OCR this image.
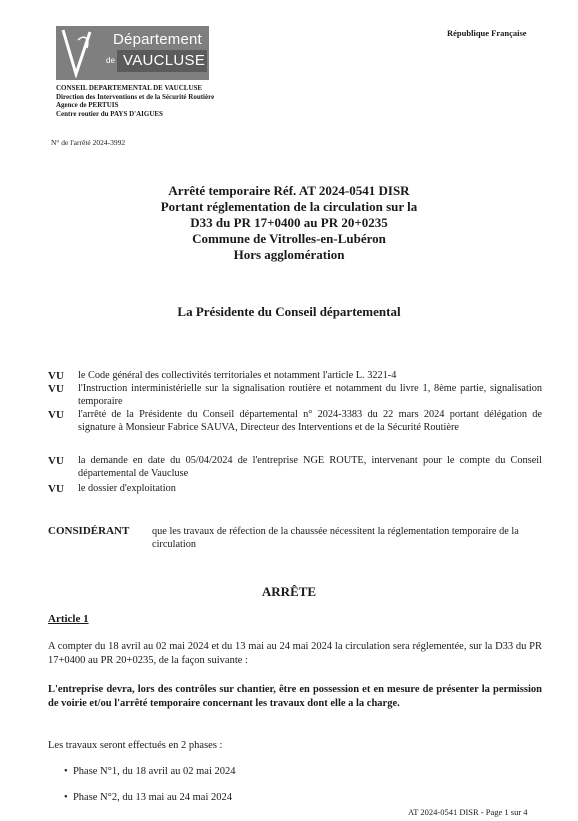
Département
de VAUCLUSE
République Française
CONSEIL DEPARTEMENTAL DE VAUCLUSE
Direction des Interventions et de la Sécurité Routière
Agence de PERTUIS
Centre routier du PAYS D'AIGUES
N° de l'arrêté 2024-3992
Arrêté temporaire Réf. AT 2024-0541 DISR
Portant réglementation de la circulation sur la
D33 du PR 17+0400 au PR 20+0235
Commune de Vitrolles-en-Lubéron
Hors agglomération
La Présidente du Conseil départemental
VU le Code général des collectivités territoriales et notamment l'article L. 3221-4
VU l'Instruction interministérielle sur la signalisation routière et notamment du livre 1, 8ème partie, signalisation temporaire
VU l'arrêté de la Présidente du Conseil départemental n° 2024-3383 du 22 mars 2024 portant délégation de signature à Monsieur Fabrice SAUVA, Directeur des Interventions et de la Sécurité Routière
VU la demande en date du 05/04/2024 de l'entreprise NGE ROUTE, intervenant pour le compte du Conseil départemental de Vaucluse
VU le dossier d'exploitation
CONSIDÉRANT que les travaux de réfection de la chaussée nécessitent la réglementation temporaire de la circulation
ARRÊTE
Article 1
A compter du 18 avril au 02 mai 2024 et du 13 mai au 24 mai 2024 la circulation sera réglementée, sur la D33 du PR 17+0400 au PR 20+0235, de la façon suivante :
L'entreprise devra, lors des contrôles sur chantier, être en possession et en mesure de présenter la permission de voirie et/ou l'arrêté temporaire concernant les travaux dont elle a la charge.
Les travaux seront effectués en 2 phases :
•  Phase N°1, du 18 avril au 02 mai 2024
•  Phase N°2, du 13 mai au 24 mai 2024
AT 2024-0541 DISR - Page 1 sur 4
